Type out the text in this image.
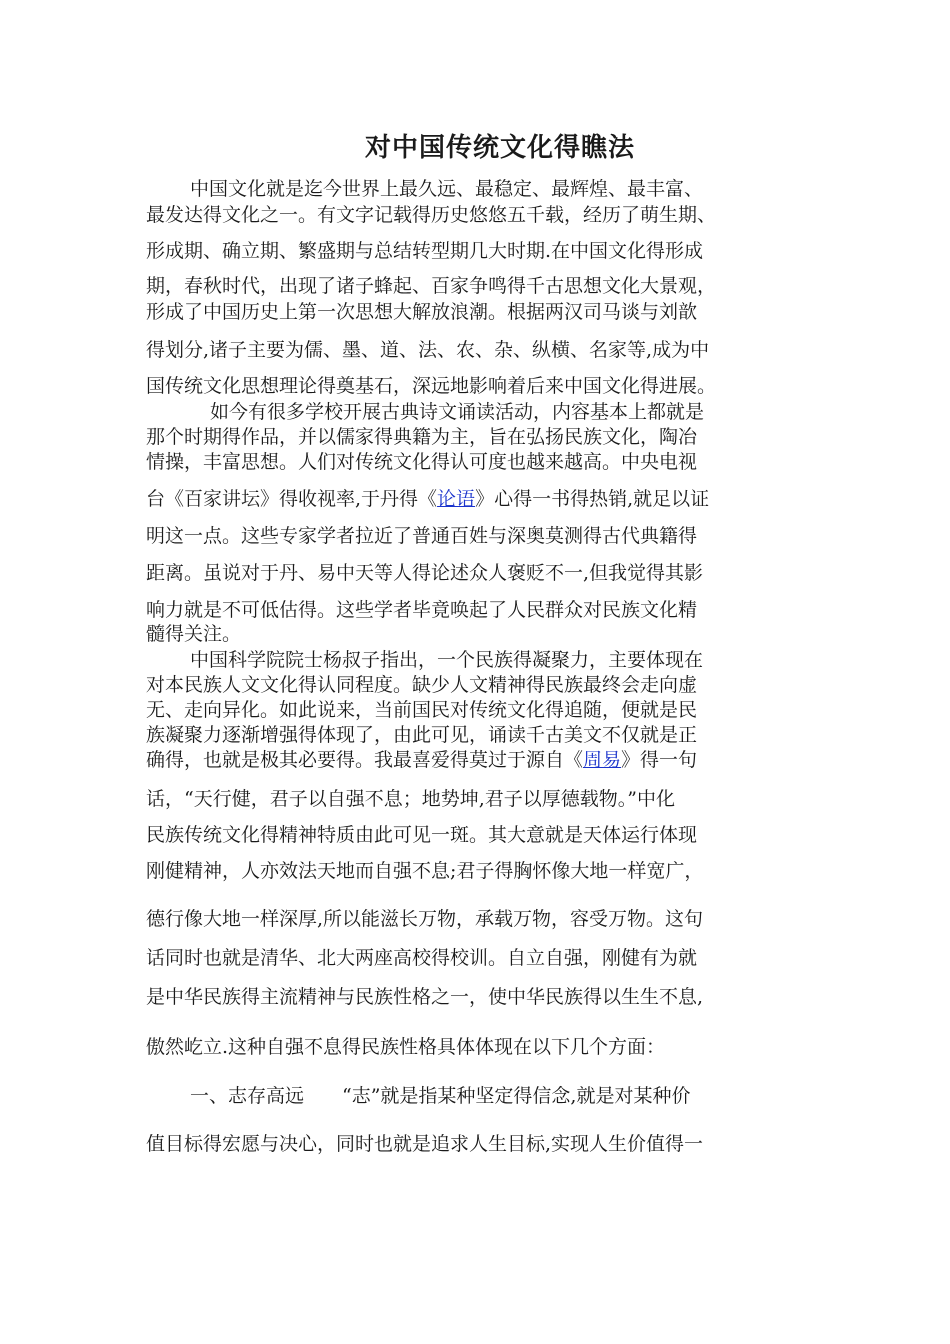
对中国传统文化得瞧法
中国文化就是迄今世界上最久远、最稳定、最辉煌、最丰富、
最发达得文化之一。有文字记载得历史悠悠五千载，经历了萌生期、
形成期、确立期、繁盛期与总结转型期几大时期.在中国文化得形成
期，春秋时代，出现了诸子蜂起、百家争鸣得千古思想文化大景观，
形成了中国历史上第一次思想大解放浪潮。根据两汉司马谈与刘歆
得划分,诸子主要为儒、墨、道、法、农、杂、纵横、名家等,成为中
国传统文化思想理论得奠基石，深远地影响着后来中国文化得进展。
如今有很多学校开展古典诗文诵读活动，内容基本上都就是
那个时期得作品，并以儒家得典籍为主，旨在弘扬民族文化，陶冶
情操，丰富思想。人们对传统文化得认可度也越来越高。中央电视
台《百家讲坛》得收视率,于丹得《论语》心得一书得热销,就足以证
明这一点。这些专家学者拉近了普通百姓与深奥莫测得古代典籍得
距离。虽说对于丹、易中天等人得论述众人褒贬不一,但我觉得其影
响力就是不可低估得。这些学者毕竟唤起了人民群众对民族文化精
髓得关注。
中国科学院院士杨叔子指出，一个民族得凝聚力，主要体现在
对本民族人文文化得认同程度。缺少人文精神得民族最终会走向虚
无、走向异化。如此说来，当前国民对传统文化得追随，便就是民
族凝聚力逐渐增强得体现了，由此可见，诵读千古美文不仅就是正
确得，也就是极其必要得。我最喜爱得莫过于源自《周易》得一句
话，“天行健，君子以自强不息；地势坤,君子以厚德载物。”中化
民族传统文化得精神特质由此可见一斑。其大意就是天体运行体现
刚健精神，人亦效法天地而自强不息;君子得胸怀像大地一样宽广，
德行像大地一样深厚,所以能滋长万物，承载万物，容受万物。这句
话同时也就是清华、北大两座高校得校训。自立自强，刚健有为就
是中华民族得主流精神与民族性格之一，使中华民族得以生生不息,
傲然屹立.这种自强不息得民族性格具体体现在以下几个方面：
一、志存高远　　“志”就是指某种坚定得信念,就是对某种价
值目标得宏愿与决心，同时也就是追求人生目标,实现人生价值得一
